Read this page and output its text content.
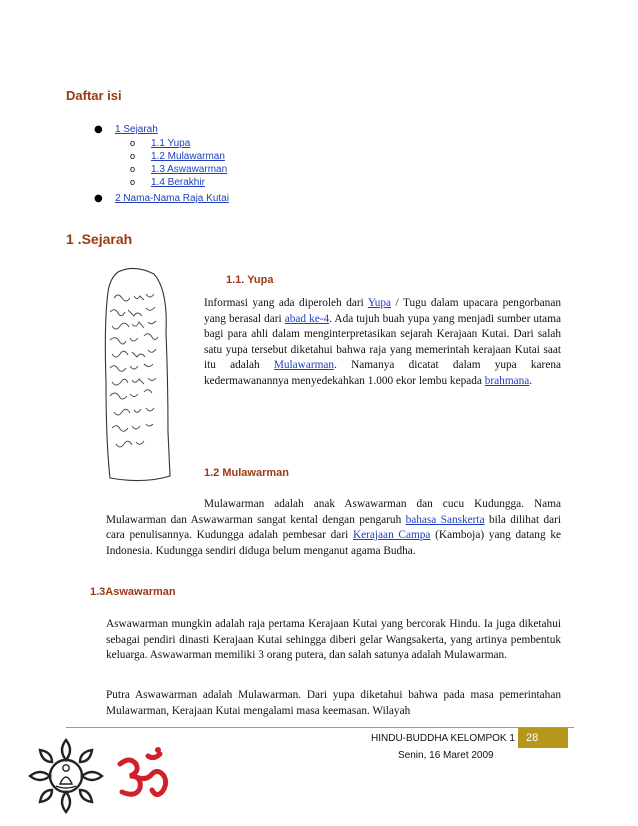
Daftar isi
● 1 Sejarah
o 1.1 Yupa
o 1.2 Mulawarman
o 1.3 Aswawarman
o 1.4 Berakhir
● 2 Nama-Nama Raja Kutai
1 .Sejarah
1.1. Yupa

Informasi yang ada diperoleh dari Yupa / Tugu dalam upacara pengorbanan yang berasal dari abad ke-4. Ada tujuh buah yupa yang menjadi sumber utama bagi para ahli dalam menginterpretasikan sejarah Kerajaan Kutai. Dari salah satu yupa tersebut diketahui bahwa raja yang memerintah kerajaan Kutai saat itu adalah Mulawarman. Namanya dicatat dalam yupa karena kedermawanannya menyedekahkan 1.000 ekor lembu kepada brahmana.

1.2 Mulawarman

Mulawarman adalah anak Aswawarman dan cucu Kudungga. Nama Mulawarman dan Aswawarman sangat kental dengan pengaruh bahasa Sanskerta bila dilihat dari cara penulisannya. Kudungga adalah pembesar dari Kerajaan Campa (Kamboja) yang datang ke Indonesia. Kudungga sendiri diduga belum menganut agama Budha.

1.3Aswawarman

Aswawarman mungkin adalah raja pertama Kerajaan Kutai yang bercorak Hindu. Ia juga diketahui sebagai pendiri dinasti Kerajaan Kutai sehingga diberi gelar Wangsakerta, yang artinya pembentuk keluarga. Aswawarman memiliki 3 orang putera, dan salah satunya adalah Mulawarman.

Putra Aswawarman adalah Mulawarman. Dari yupa diketahui bahwa pada masa pemerintahan Mulawarman, Kerajaan Kutai mengalami masa keemasan. Wilayah

HINDU-BUDDHA KELOMPOK 1	28
Senin, 16 Maret 2009
